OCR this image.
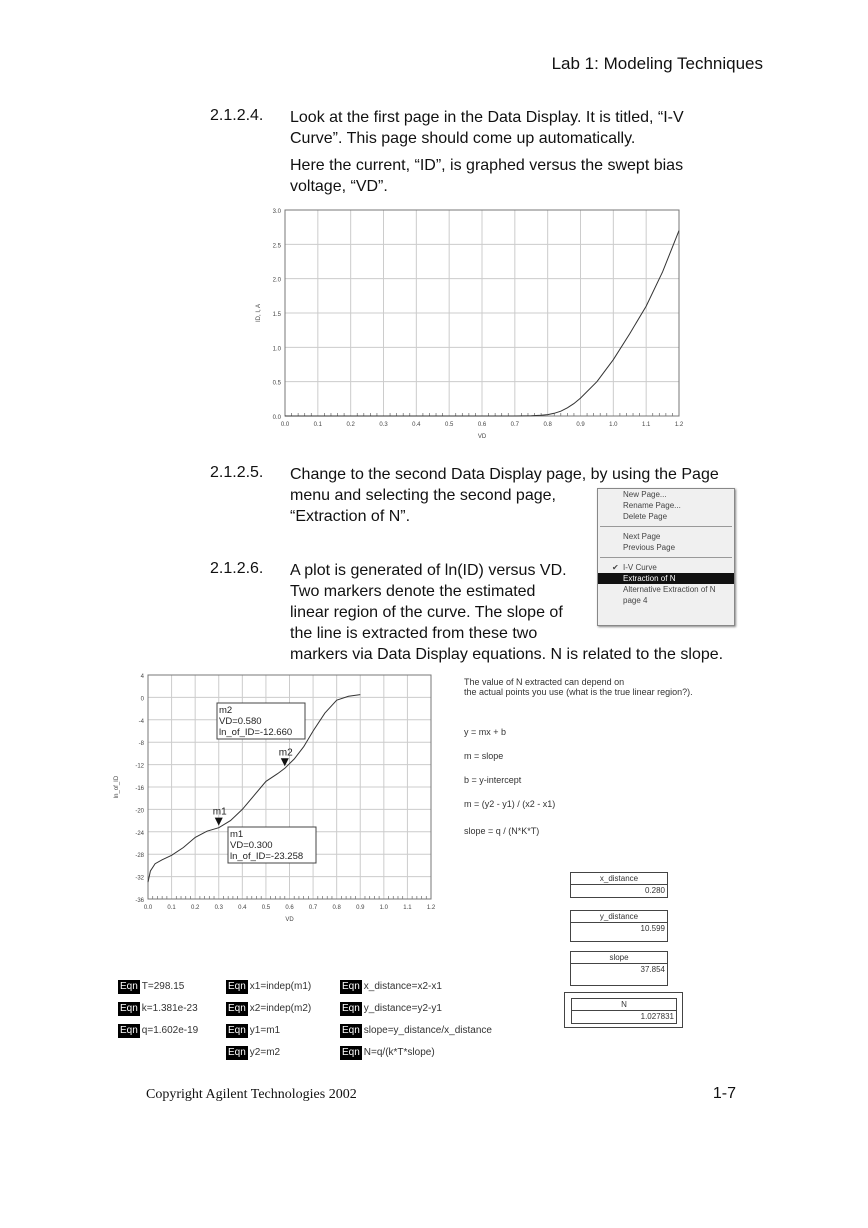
Lab 1: Modeling Techniques
2.1.2.4. Look at the first page in the Data Display. It is titled, “I-V
Curve”. This page should come up automatically.
Here the current, “ID”, is graphed versus the swept bias
voltage, “VD”.
0.0	0.1	0.2	0.3	0.4	0.5	0.6	0.7	0.8	0.9	1.0	1.1	1.2
0.0
0.5
1.0
1.5
2.0
2.5
3.0
VD
ID, I, A
2.1.2.5. Change to the second Data Display page, by using the Page
menu and selecting the second page,
“Extraction of N”.
New Page...
Rename Page...
Delete Page
Next Page
Previous Page
✔ I-V Curve
Extraction of N
Alternative Extraction of N
page 4
2.1.2.6. A plot is generated of ln(ID) versus VD.
Two markers denote the estimated
linear region of the curve. The slope of
the line is extracted from these two
markers via Data Display equations. N is related to the slope.
0.0	0.1	0.2	0.3	0.4	0.5	0.6	0.7	0.8	0.9	1.0	1.1	1.2
4
0
-4
-8
-12
-16
-20
-24
-28
-32
-36
VD
ln_of_ID
m1
m1
VD=0.300
ln_of_ID=-23.258
m2
m2
VD=0.580
ln_of_ID=-12.660
The value of N extracted can depend on
the actual points you use (what is the true linear region?).
y = mx + b
m = slope
b = y-intercept
m = (y2 - y1) / (x2 - x1)
slope = q / (N*K*T)
x_distance
0.280
y_distance
10.599
slope
37.854
N
1.027831
Eqn T=298.15
Eqn k=1.381e-23
Eqn q=1.602e-19
Eqn x1=indep(m1)
Eqn x2=indep(m2)
Eqn y1=m1
Eqn y2=m2
Eqn x_distance=x2-x1
Eqn y_distance=y2-y1
Eqn slope=y_distance/x_distance
Eqn N=q/(k*T*slope)
Copyright Agilent Technologies 2002	1-7
